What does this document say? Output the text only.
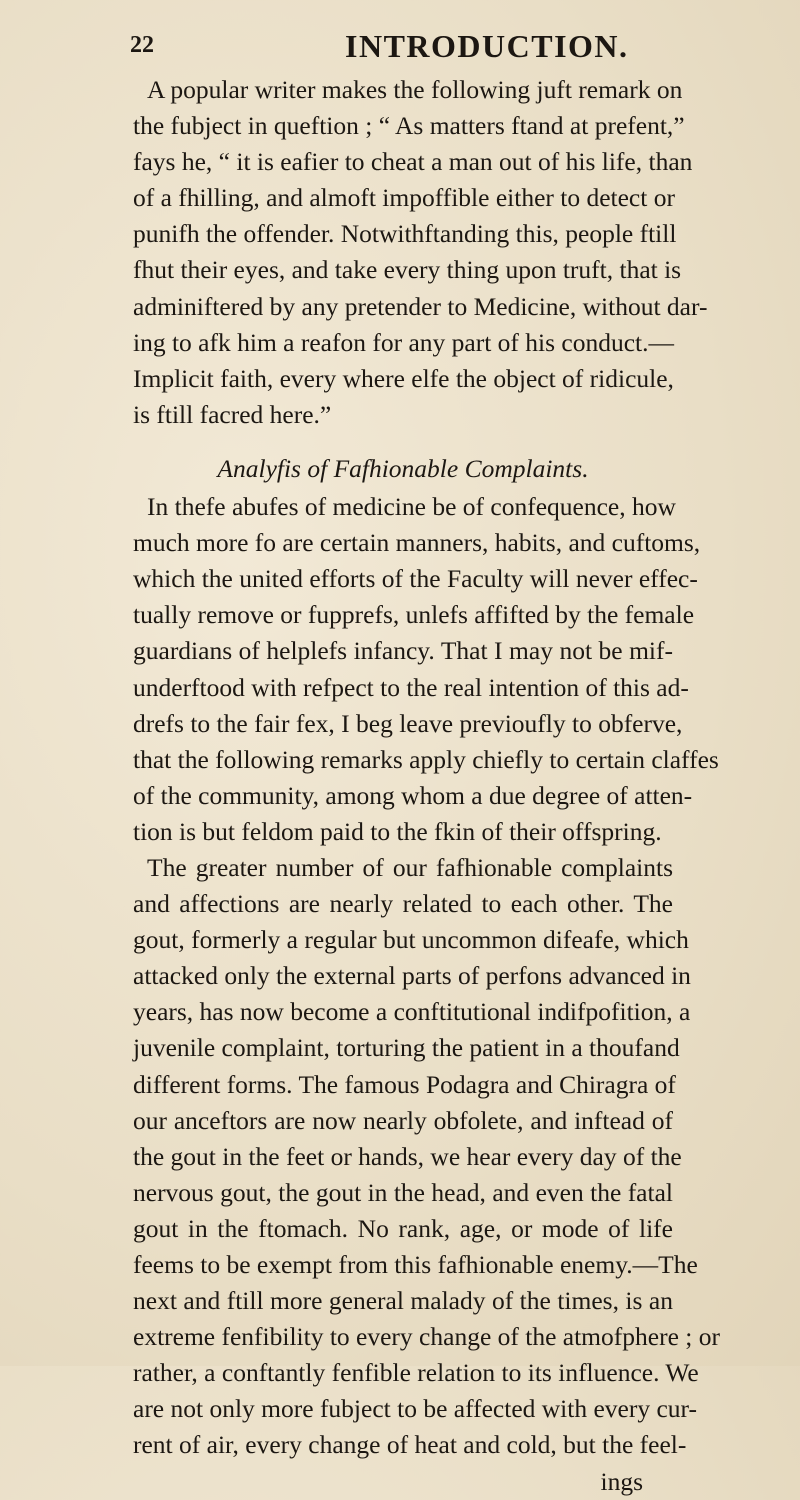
22	INTRODUCTION.
A popular writer makes the following juft remark on
the fubject in queftion ; “ As matters ftand at prefent,”
fays he, “ it is eafier to cheat a man out of his life, than
of a fhilling, and almoft impoffible either to detect or
punifh the offender. Notwithftanding this, people ftill
fhut their eyes, and take every thing upon truft, that is
adminiftered by any pretender to Medicine, without dar-
ing to afk him a reafon for any part of his conduct.—
Implicit faith, every where elfe the object of ridicule,
is ftill facred here.”
Analyfis of Fafhionable Complaints.
In thefe abufes of medicine be of confequence, how
much more fo are certain manners, habits, and cuftoms,
which the united efforts of the Faculty will never effec-
tually remove or fupprefs, unlefs affifted by the female
guardians of helplefs infancy. That I may not be mif-
underftood with refpect to the real intention of this ad-
drefs to the fair fex, I beg leave previoufly to obferve,
that the following remarks apply chiefly to certain claffes
of the community, among whom a due degree of atten-
tion is but feldom paid to the fkin of their offspring.
The greater number of our fafhionable complaints
and affections are nearly related to each other. The
gout, formerly a regular but uncommon difeafe, which
attacked only the external parts of perfons advanced in
years, has now become a conftitutional indifpofition, a
juvenile complaint, torturing the patient in a thoufand
different forms. The famous Podagra and Chiragra of
our anceftors are now nearly obfolete, and inftead of
the gout in the feet or hands, we hear every day of the
nervous gout, the gout in the head, and even the fatal
gout in the ftomach. No rank, age, or mode of life
feems to be exempt from this fafhionable enemy.—The
next and ftill more general malady of the times, is an
extreme fenfibility to every change of the atmofphere ; or
rather, a conftantly fenfible relation to its influence. We
are not only more fubject to be affected with every cur-
rent of air, every change of heat and cold, but the feel-
ings
